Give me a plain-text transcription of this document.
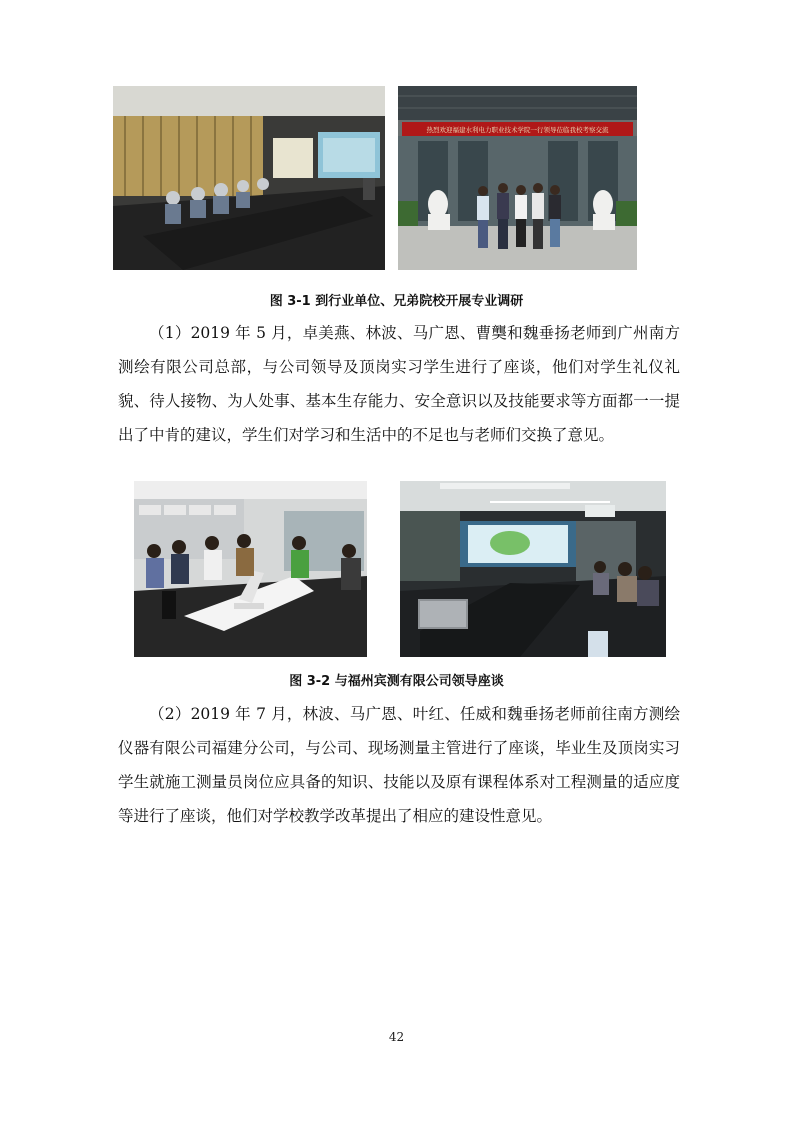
热烈欢迎福建水利电力职业技术学院一行领导莅临我校考察交流

图 3-1 到行业单位、兄弟院校开展专业调研

（1）2019 年 5 月，卓美燕、林波、马广恩、曹龑和魏垂扬老师到广州南方测绘有限公司总部，与公司领导及顶岗实习学生进行了座谈，他们对学生礼仪礼貌、待人接物、为人处事、基本生存能力、安全意识以及技能要求等方面都一一提出了中肯的建议，学生们对学习和生活中的不足也与老师们交换了意见。

图 3-2 与福州宾测有限公司领导座谈

（2）2019 年 7 月，林波、马广恩、叶红、任威和魏垂扬老师前往南方测绘仪器有限公司福建分公司，与公司、现场测量主管进行了座谈，毕业生及顶岗实习学生就施工测量员岗位应具备的知识、技能以及原有课程体系对工程测量的适应度等进行了座谈，他们对学校教学改革提出了相应的建设性意见。

42
